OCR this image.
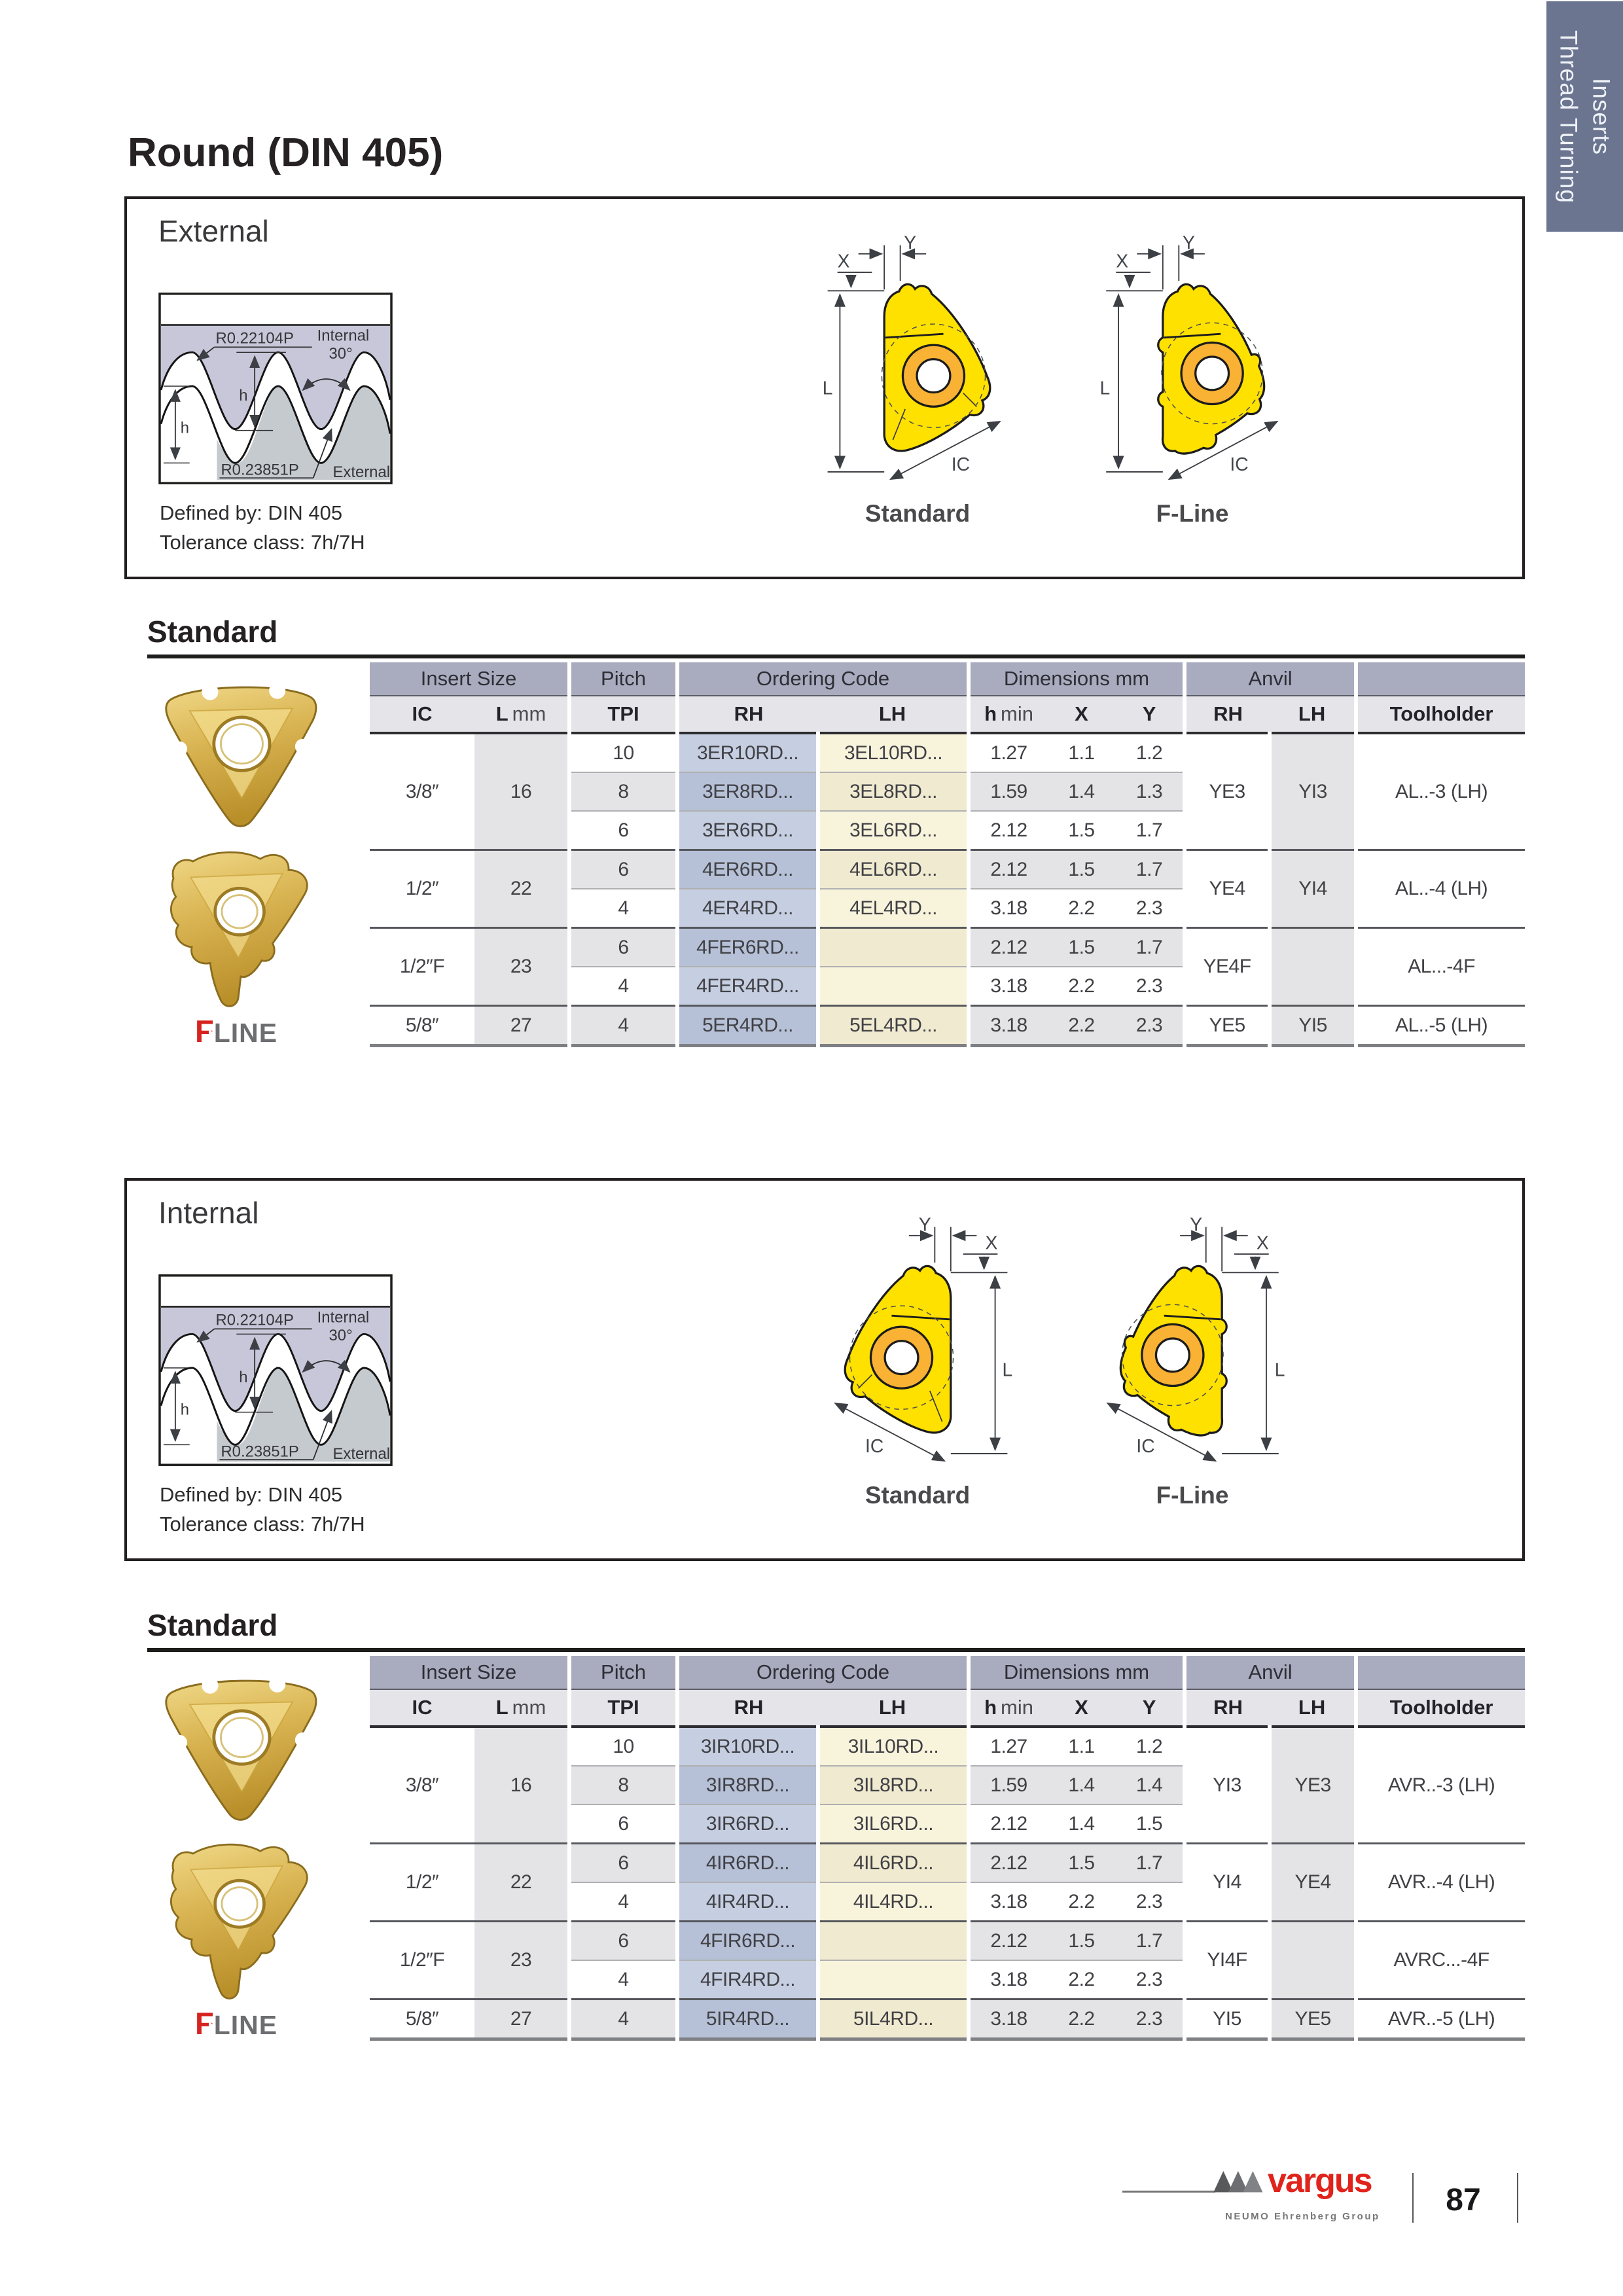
Thread Turning Inserts
Round (DIN 405)
External
Defined by: DIN 405
Tolerance class: 7h/7H
Y
X
L
IC
Y
X
L
IC
Standard	F-Line
Standard
FLINE
Insert Size		Pitch	Ordering Code		Dimensions mm			Anvil		
IC	L mm	TPI	RH	LH	h min	X	Y	RH	LH	Toolholder
3/8″	16	10	3ER10RD...	3EL10RD...	1.27	1.1	1.2	YE3	YI3	AL..-3 (LH)
		8	3ER8RD...	3EL8RD...	1.59	1.4	1.3			
		6	3ER6RD...	3EL6RD...	2.12	1.5	1.7			
1/2″	22	6	4ER6RD...	4EL6RD...	2.12	1.5	1.7	YE4	YI4	AL..-4 (LH)
		4	4ER4RD...	4EL4RD...	3.18	2.2	2.3			
1/2″F	23	6	4FER6RD...		2.12	1.5	1.7	YE4F		AL...-4F
		4	4FER4RD...		3.18	2.2	2.3			
5/8″	27	4	5ER4RD...	5EL4RD...	3.18	2.2	2.3	YE5	YI5	AL..-5 (LH)
Internal
Defined by: DIN 405
Tolerance class: 7h/7H
Y
X
L
IC
Y
X
L
IC
Standard	F-Line
Standard
FLINE
Insert Size		Pitch	Ordering Code		Dimensions mm			Anvil		
IC	L mm	TPI	RH	LH	h min	X	Y	RH	LH	Toolholder
3/8″	16	10	3IR10RD...	3IL10RD...	1.27	1.1	1.2	YI3	YE3	AVR..-3 (LH)
		8	3IR8RD...	3IL8RD...	1.59	1.4	1.4			
		6	3IR6RD...	3IL6RD...	2.12	1.4	1.5			
1/2″	22	6	4IR6RD...	4IL6RD...	2.12	1.5	1.7	YI4	YE4	AVR..-4 (LH)
		4	4IR4RD...	4IL4RD...	3.18	2.2	2.3			
1/2″F	23	6	4FIR6RD...		2.12	1.5	1.7	YI4F		AVRC...-4F
		4	4FIR4RD...		3.18	2.2	2.3			
5/8″	27	4	5IR4RD...	5IL4RD...	3.18	2.2	2.3	YI5	YE5	AVR..-5 (LH)
vargus
NEUMO Ehrenberg Group	87
